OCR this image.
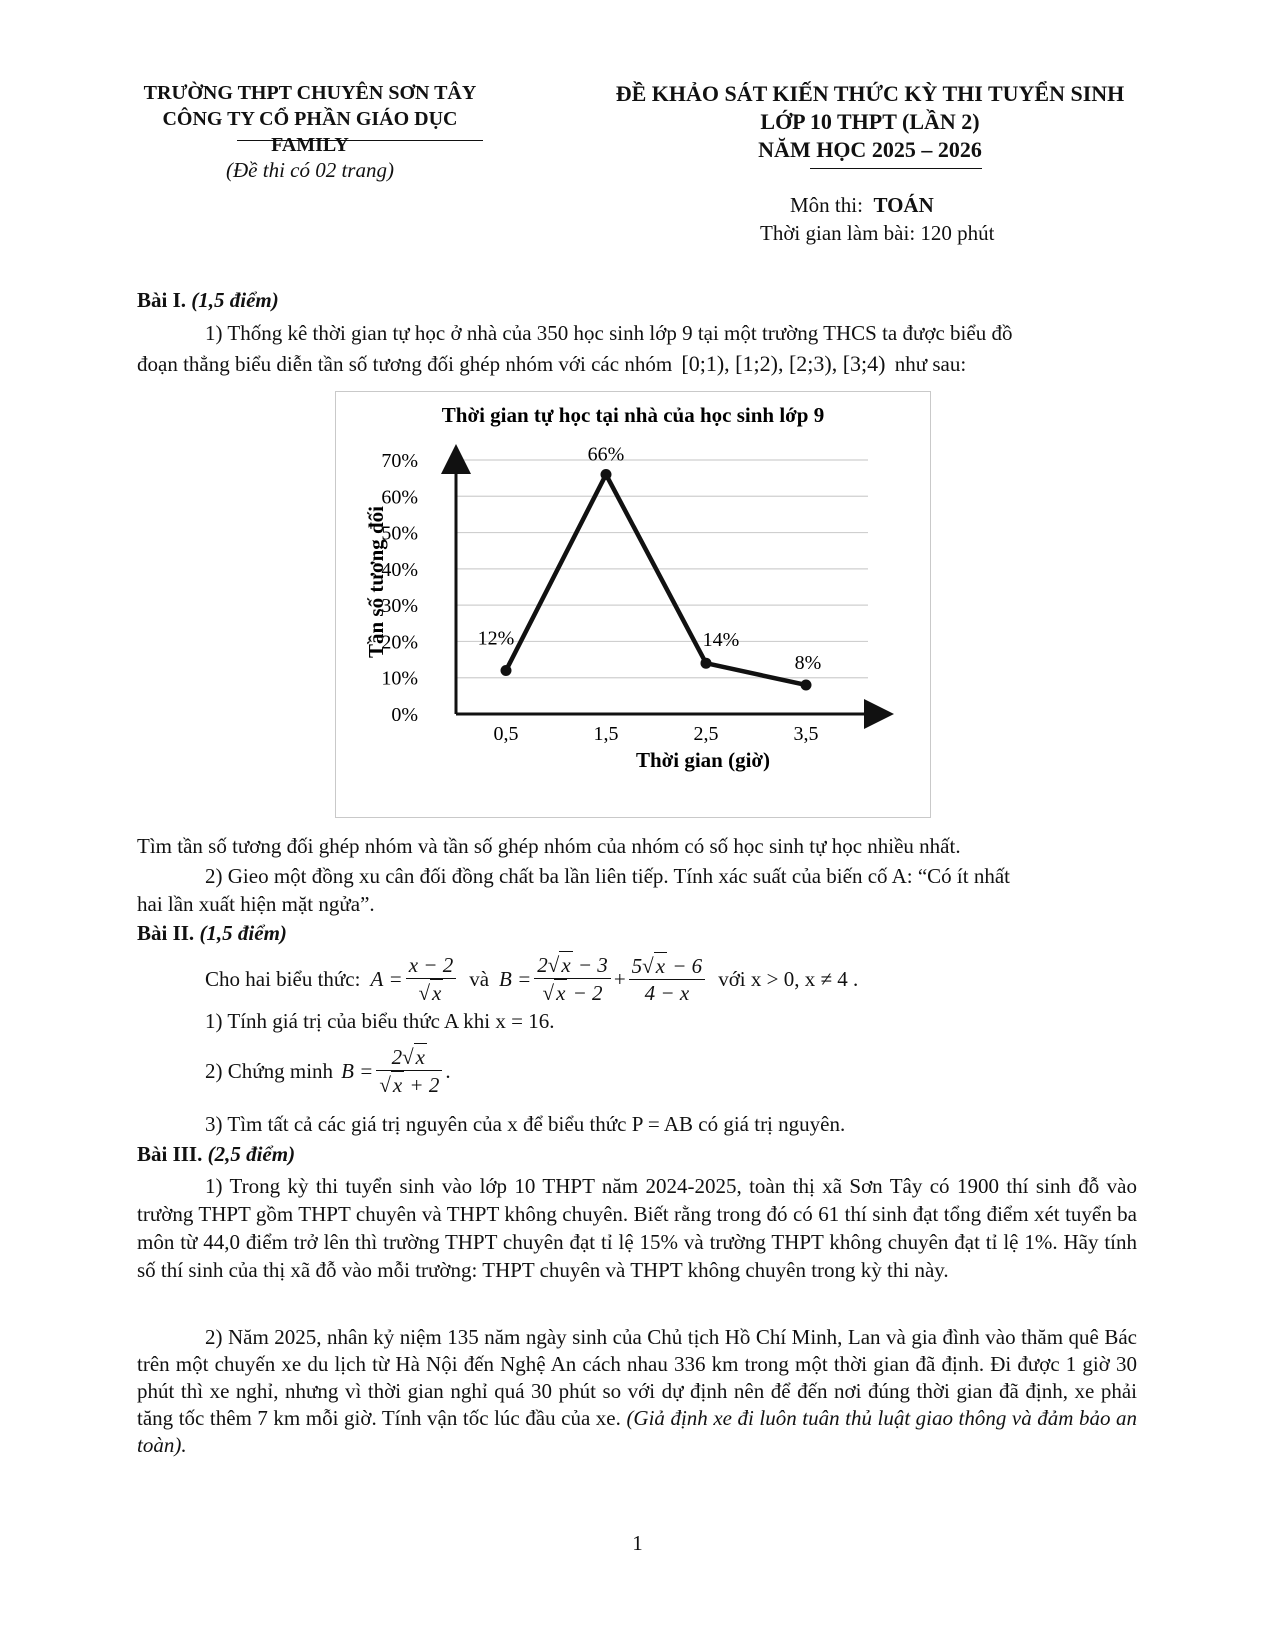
TRƯỜNG THPT CHUYÊN SƠN TÂY
CÔNG TY CỔ PHẦN GIÁO DỤC FAMILY
(Đề thi có 02 trang)
ĐỀ KHẢO SÁT KIẾN THỨC KỲ THI TUYỂN SINH
LỚP 10 THPT (LẦN 2)
NĂM HỌC 2025 – 2026
Môn thi: TOÁN
Thời gian làm bài: 120 phút
Bài I. (1,5 điểm)
1) Thống kê thời gian tự học ở nhà của 350 học sinh lớp 9 tại một trường THCS ta được biểu đồ
đoạn thẳng biểu diễn tần số tương đối ghép nhóm với các nhóm [0;1), [1;2), [2;3), [3;4) như sau:
Thời gian tự học tại nhà của học sinh lớp 9
0%
10%
20%
30%
40%
50%
60%
70%
0,5	1,5	2,5	3,5
12%
66%
14%
8%
Thời gian (giờ)
Tần số tương đối
Tìm tần số tương đối ghép nhóm và tần số ghép nhóm của nhóm có số học sinh tự học nhiều nhất.
2) Gieo một đồng xu cân đối đồng chất ba lần liên tiếp. Tính xác suất của biến cố A: “Có ít nhất
hai lần xuất hiện mặt ngửa”.
Bài II. (1,5 điểm)
Cho hai biểu thức: $A = \frac{x - 2}{√x}$ và $B = \frac{2√x - 3}{√x - 2} + \frac{5√x - 6}{4 - x}$ với x > 0, x ≠ 4 .
1) Tính giá trị của biểu thức A khi x = 16.
2) Chứng minh $B = \frac{2√x}{√x + 2}$ .
3) Tìm tất cả các giá trị nguyên của x để biểu thức P = AB có giá trị nguyên.
Bài III. (2,5 điểm)
1) Trong kỳ thi tuyển sinh vào lớp 10 THPT năm 2024-2025, toàn thị xã Sơn Tây có 1900 thí sinh đỗ vào trường THPT gồm THPT chuyên và THPT không chuyên. Biết rằng trong đó có 61 thí sinh đạt tổng điểm xét tuyển ba môn từ 44,0 điểm trở lên thì trường THPT chuyên đạt tỉ lệ 15% và trường THPT không chuyên đạt tỉ lệ 1%. Hãy tính số thí sinh của thị xã đỗ vào mỗi trường: THPT chuyên và THPT không chuyên trong kỳ thi này.
2) Năm 2025, nhân kỷ niệm 135 năm ngày sinh của Chủ tịch Hồ Chí Minh, Lan và gia đình vào thăm quê Bác trên một chuyến xe du lịch từ Hà Nội đến Nghệ An cách nhau 336 km trong một thời gian đã định. Đi được 1 giờ 30 phút thì xe nghỉ, nhưng vì thời gian nghỉ quá 30 phút so với dự định nên để đến nơi đúng thời gian đã định, xe phải tăng tốc thêm 7 km mỗi giờ. Tính vận tốc lúc đầu của xe. (Giả định xe đi luôn tuân thủ luật giao thông và đảm bảo an toàn).
1
